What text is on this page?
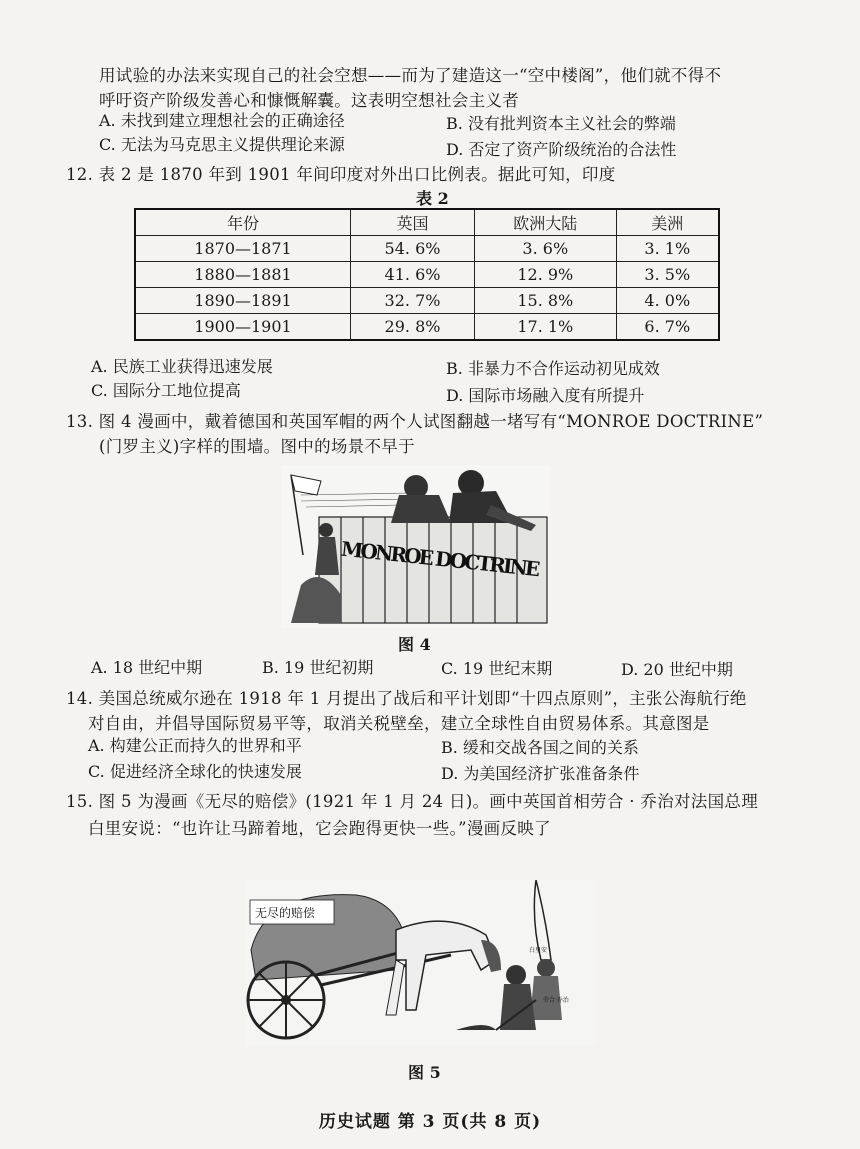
用试验的办法来实现自己的社会空想——而为了建造这一“空中楼阁”，他们就不得不
呼吁资产阶级发善心和慷慨解囊。这表明空想社会主义者
A. 未找到建立理想社会的正确途径	B. 没有批判资本主义社会的弊端
C. 无法为马克思主义提供理论来源	D. 否定了资产阶级统治的合法性
12. 表 2 是 1870 年到 1901 年间印度对外出口比例表。据此可知，印度
表 2
年份	英国	欧洲大陆	美洲
1870—1871	54. 6%	3. 6%	3. 1%
1880—1881	41. 6%	12. 9%	3. 5%
1890—1891	32. 7%	15. 8%	4. 0%
1900—1901	29. 8%	17. 1%	6. 7%
A. 民族工业获得迅速发展	B. 非暴力不合作运动初见成效
C. 国际分工地位提高	D. 国际市场融入度有所提升
13. 图 4 漫画中，戴着德国和英国军帽的两个人试图翻越一堵写有“MONROE DOCTRINE”
(门罗主义)字样的围墙。图中的场景不早于
MONROE DOCTRINE
图 4
A. 18 世纪中期	B. 19 世纪初期	C. 19 世纪末期	D. 20 世纪中期
14. 美国总统威尔逊在 1918 年 1 月提出了战后和平计划即“十四点原则”，主张公海航行绝
对自由，并倡导国际贸易平等，取消关税壁垒，建立全球性自由贸易体系。其意图是
A. 构建公正而持久的世界和平	B. 缓和交战各国之间的关系
C. 促进经济全球化的快速发展	D. 为美国经济扩张准备条件
15. 图 5 为漫画《无尽的赔偿》(1921 年 1 月 24 日)。画中英国首相劳合 · 乔治对法国总理
白里安说：“也许让马蹄着地，它会跑得更快一些。”漫画反映了
无尽的赔偿
白里安
劳合·乔治
图 5
历史试题 第 3 页(共 8 页)
